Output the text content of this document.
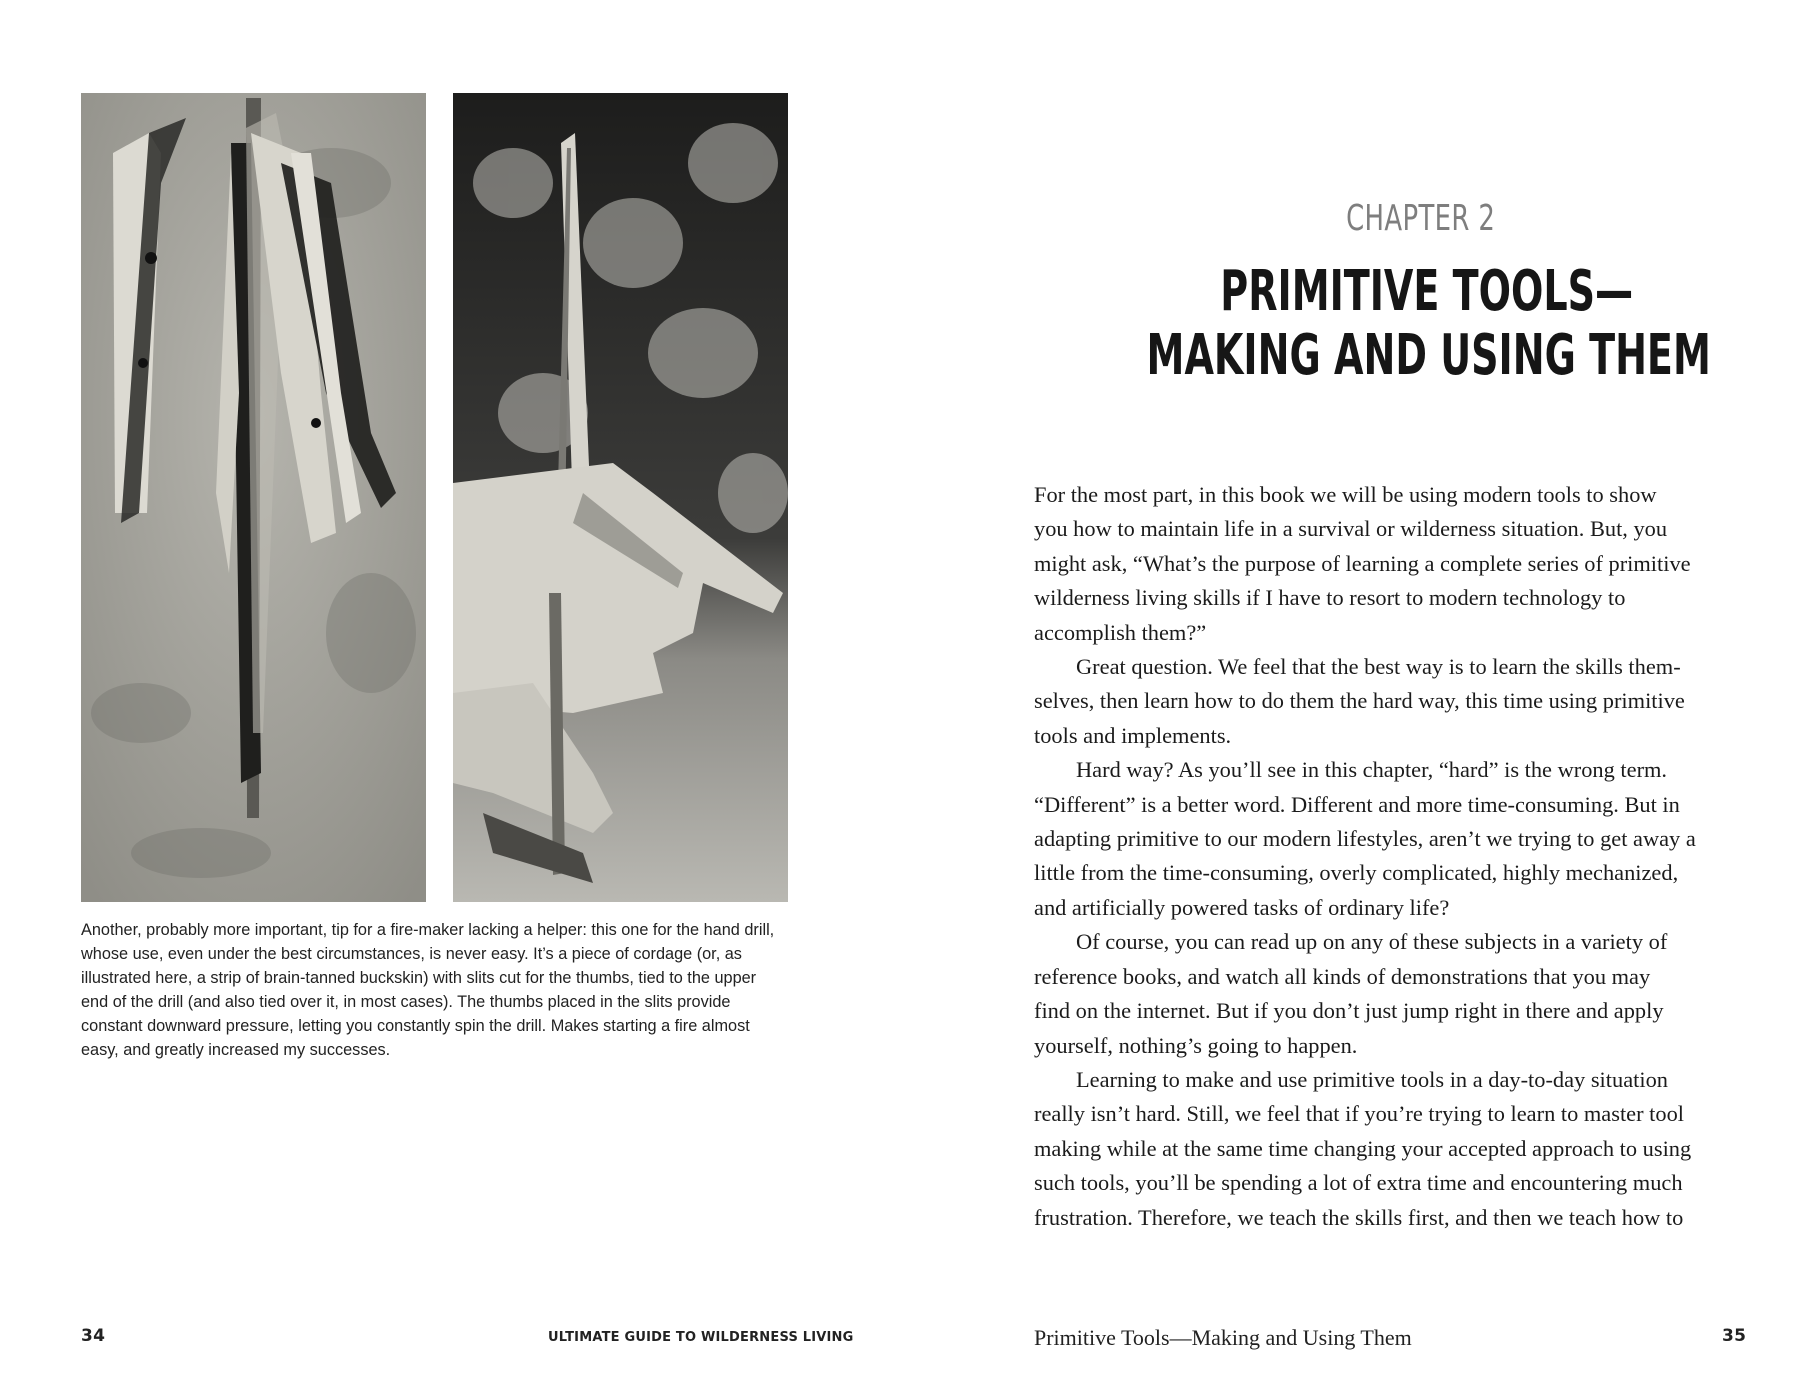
Another, probably more important, tip for a fire-maker lacking a helper: this one for the hand drill, whose use, even under the best circumstances, is never easy. It’s a piece of cordage (or, as illustrated here, a strip of brain-tanned buckskin) with slits cut for the thumbs, tied to the upper end of the drill (and also tied over it, in most cases). The thumbs placed in the slits provide constant downward pressure, letting you constantly spin the drill. Makes starting a fire almost easy, and greatly increased my successes.
34	ULTIMATE GUIDE TO WILDERNESS LIVING
CHAPTER 2
PRIMITIVE TOOLS—
MAKING AND USING THEM

For the most part, in this book we will be using modern tools to show
you how to maintain life in a survival or wilderness situation. But, you
might ask, “What’s the purpose of learning a complete series of primitive
wilderness living skills if I have to resort to modern technology to
accomplish them?”

Great question. We feel that the best way is to learn the skills them-
selves, then learn how to do them the hard way, this time using primitive
tools and implements.

Hard way? As you’ll see in this chapter, “hard” is the wrong term.
“Different” is a better word. Different and more time-consuming. But in
adapting primitive to our modern lifestyles, aren’t we trying to get away a
little from the time-consuming, overly complicated, highly mechanized,
and artificially powered tasks of ordinary life?

Of course, you can read up on any of these subjects in a variety of
reference books, and watch all kinds of demonstrations that you may
find on the internet. But if you don’t just jump right in there and apply
yourself, nothing’s going to happen.

Learning to make and use primitive tools in a day-to-day situation
really isn’t hard. Still, we feel that if you’re trying to learn to master tool
making while at the same time changing your accepted approach to using
such tools, you’ll be spending a lot of extra time and encountering much
frustration. Therefore, we teach the skills first, and then we teach how to

Primitive Tools—Making and Using Them	35
